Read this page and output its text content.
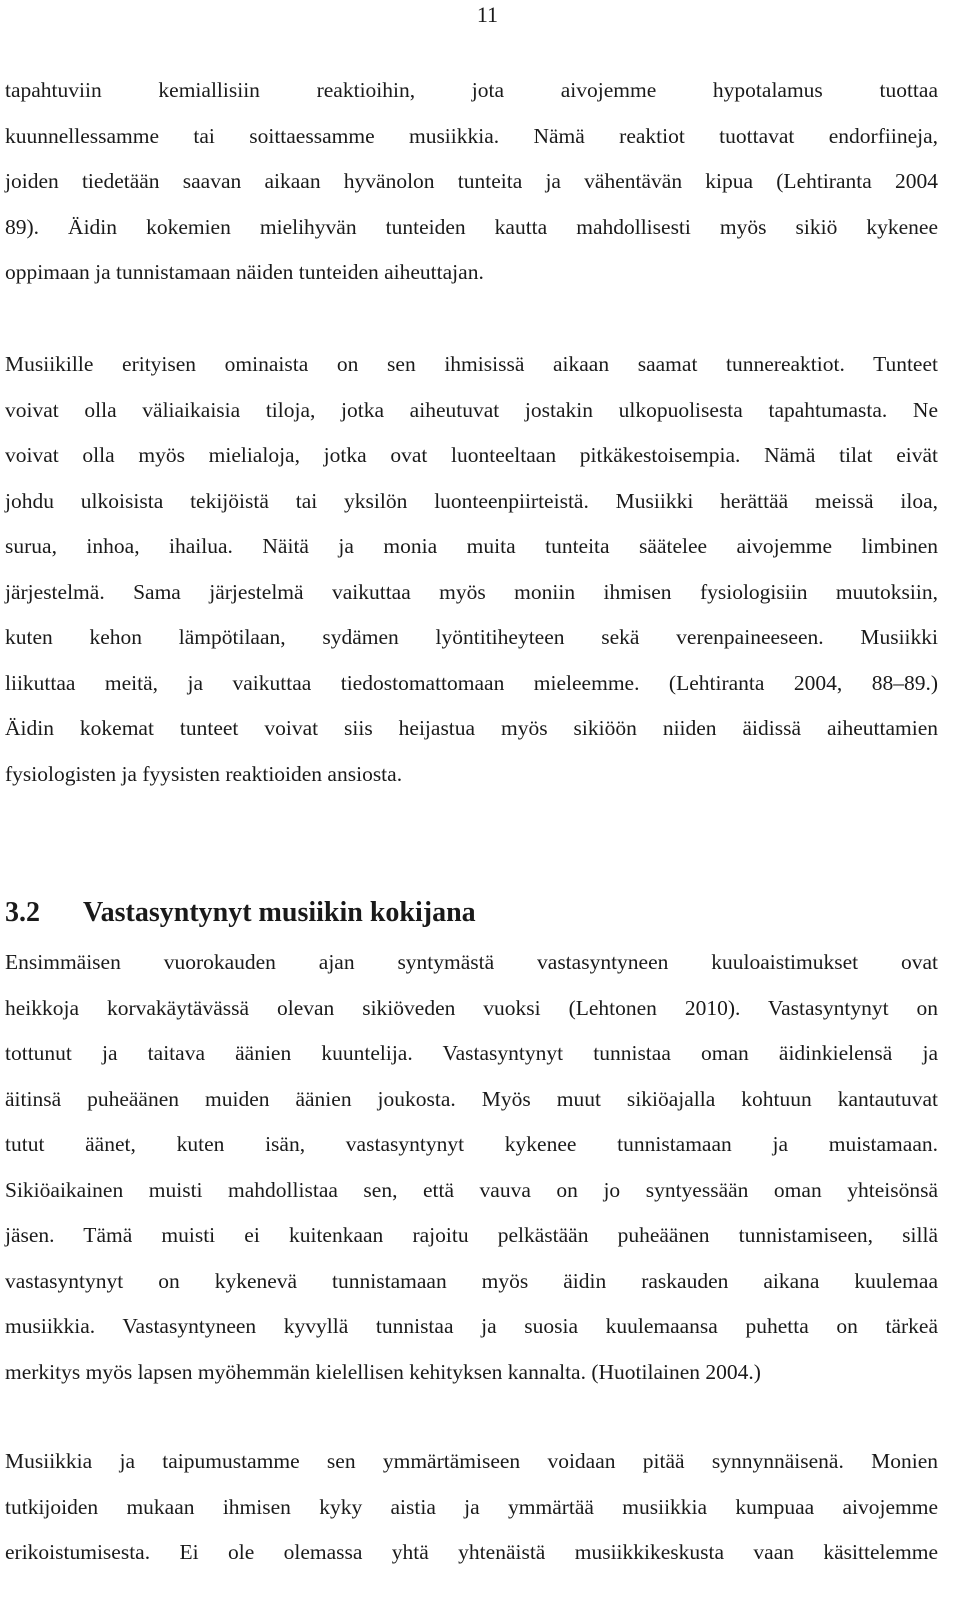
11

tapahtuviin kemiallisiin reaktioihin, jota aivojemme hypotalamus tuottaa
kuunnellessamme tai soittaessamme musiikkia. Nämä reaktiot tuottavat endorfiineja,
joiden tiedetään saavan aikaan hyvänolon tunteita ja vähentävän kipua (Lehtiranta 2004
89). Äidin kokemien mielihyvän tunteiden kautta mahdollisesti myös sikiö kykenee
oppimaan ja tunnistamaan näiden tunteiden aiheuttajan.

Musiikille erityisen ominaista on sen ihmisissä aikaan saamat tunnereaktiot. Tunteet
voivat olla väliaikaisia tiloja, jotka aiheutuvat jostakin ulkopuolisesta tapahtumasta. Ne
voivat olla myös mielialoja, jotka ovat luonteeltaan pitkäkestoisempia. Nämä tilat eivät
johdu ulkoisista tekijöistä tai yksilön luonteenpiirteistä. Musiikki herättää meissä iloa,
surua, inhoa, ihailua. Näitä ja monia muita tunteita säätelee aivojemme limbinen
järjestelmä. Sama järjestelmä vaikuttaa myös moniin ihmisen fysiologisiin muutoksiin,
kuten kehon lämpötilaan, sydämen lyöntitiheyteen sekä verenpaineeseen. Musiikki
liikuttaa meitä, ja vaikuttaa tiedostomattomaan mieleemme. (Lehtiranta 2004, 88–89.)
Äidin kokemat tunteet voivat siis heijastua myös sikiöön niiden äidissä aiheuttamien
fysiologisten ja fyysisten reaktioiden ansiosta.

3.2 Vastasyntynyt musiikin kokijana

Ensimmäisen vuorokauden ajan syntymästä vastasyntyneen kuuloaistimukset ovat
heikkoja korvakäytävässä olevan sikiöveden vuoksi (Lehtonen 2010). Vastasyntynyt on
tottunut ja taitava äänien kuuntelija. Vastasyntynyt tunnistaa oman äidinkielensä ja
äitinsä puheäänen muiden äänien joukosta. Myös muut sikiöajalla kohtuun kantautuvat
tutut äänet, kuten isän, vastasyntynyt kykenee tunnistamaan ja muistamaan.
Sikiöaikainen muisti mahdollistaa sen, että vauva on jo syntyessään oman yhteisönsä
jäsen. Tämä muisti ei kuitenkaan rajoitu pelkästään puheäänen tunnistamiseen, sillä
vastasyntynyt on kykenevä tunnistamaan myös äidin raskauden aikana kuulemaa
musiikkia. Vastasyntyneen kyvyllä tunnistaa ja suosia kuulemaansa puhetta on tärkeä
merkitys myös lapsen myöhemmän kielellisen kehityksen kannalta. (Huotilainen 2004.)

Musiikkia ja taipumustamme sen ymmärtämiseen voidaan pitää synnynnäisenä. Monien
tutkijoiden mukaan ihmisen kyky aistia ja ymmärtää musiikkia kumpuaa aivojemme
erikoistumisesta. Ei ole olemassa yhtä yhtenäistä musiikkikeskusta vaan käsittelemme
